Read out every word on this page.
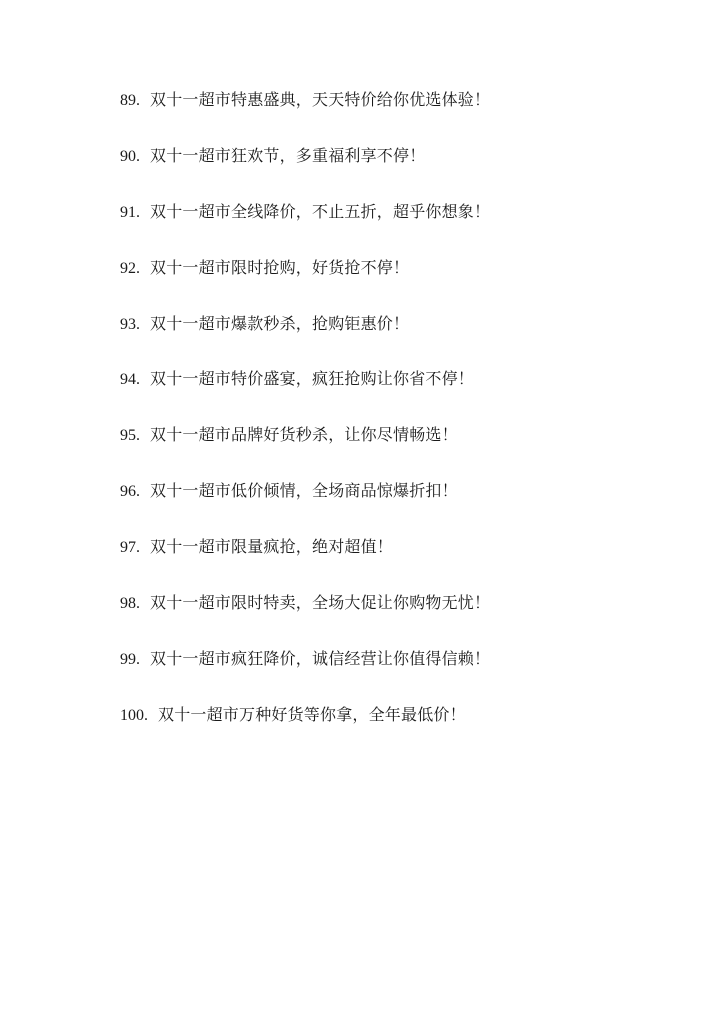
89. 双十一超市特惠盛典，天天特价给你优选体验！
90. 双十一超市狂欢节，多重福利享不停！
91. 双十一超市全线降价，不止五折，超乎你想象！
92. 双十一超市限时抢购，好货抢不停！
93. 双十一超市爆款秒杀，抢购钜惠价！
94. 双十一超市特价盛宴，疯狂抢购让你省不停！
95. 双十一超市品牌好货秒杀，让你尽情畅选！
96. 双十一超市低价倾情，全场商品惊爆折扣！
97. 双十一超市限量疯抢，绝对超值！
98. 双十一超市限时特卖，全场大促让你购物无忧！
99. 双十一超市疯狂降价，诚信经营让你值得信赖！
100. 双十一超市万种好货等你拿，全年最低价！
